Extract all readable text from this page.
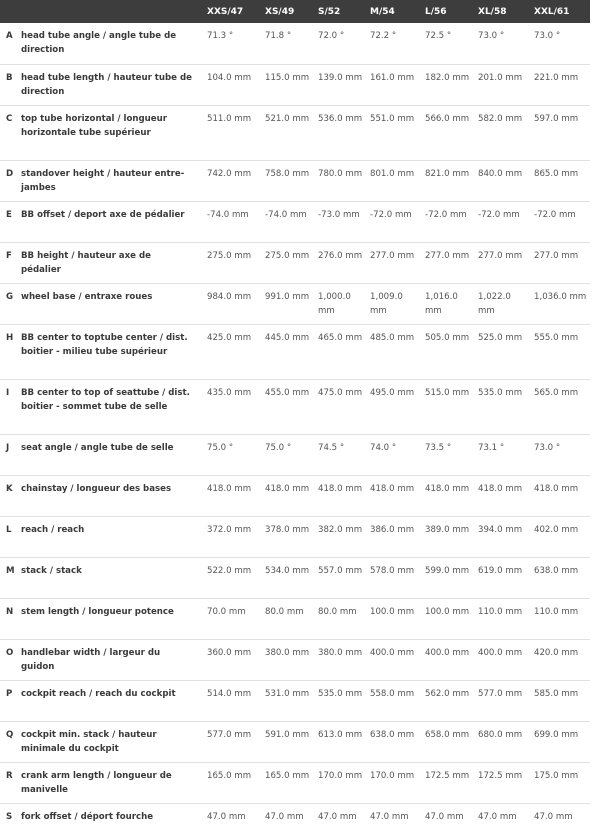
		XXS/47	XS/49	S/52	M/54	L/56	XL/58	XXL/61
A	head tube angle / angle tube de direction	71.3 °	71.8 °	72.0 °	72.2 °	72.5 °	73.0 °	73.0 °
B	head tube length / hauteur tube de direction	104.0 mm	115.0 mm	139.0 mm	161.0 mm	182.0 mm	201.0 mm	221.0 mm
C	top tube horizontal / longueur horizontale tube supérieur	511.0 mm	521.0 mm	536.0 mm	551.0 mm	566.0 mm	582.0 mm	597.0 mm
D	standover height / hauteur entre-jambes	742.0 mm	758.0 mm	780.0 mm	801.0 mm	821.0 mm	840.0 mm	865.0 mm
E	BB offset / deport axe de pédalier	-74.0 mm	-74.0 mm	-73.0 mm	-72.0 mm	-72.0 mm	-72.0 mm	-72.0 mm
F	BB height / hauteur axe de pédalier	275.0 mm	275.0 mm	276.0 mm	277.0 mm	277.0 mm	277.0 mm	277.0 mm
G	wheel base / entraxe roues	984.0 mm	991.0 mm	1,000.0 mm	1,009.0 mm	1,016.0 mm	1,022.0 mm	1,036.0 mm
H	BB center to toptube center / dist. boitier - milieu tube supérieur	425.0 mm	445.0 mm	465.0 mm	485.0 mm	505.0 mm	525.0 mm	555.0 mm
I	BB center to top of seattube / dist. boitier - sommet tube de selle	435.0 mm	455.0 mm	475.0 mm	495.0 mm	515.0 mm	535.0 mm	565.0 mm
J	seat angle / angle tube de selle	75.0 °	75.0 °	74.5 °	74.0 °	73.5 °	73.1 °	73.0 °
K	chainstay / longueur des bases	418.0 mm	418.0 mm	418.0 mm	418.0 mm	418.0 mm	418.0 mm	418.0 mm
L	reach / reach	372.0 mm	378.0 mm	382.0 mm	386.0 mm	389.0 mm	394.0 mm	402.0 mm
M	stack / stack	522.0 mm	534.0 mm	557.0 mm	578.0 mm	599.0 mm	619.0 mm	638.0 mm
N	stem length / longueur potence	70.0 mm	80.0 mm	80.0 mm	100.0 mm	100.0 mm	110.0 mm	110.0 mm
O	handlebar width / largeur du guidon	360.0 mm	380.0 mm	380.0 mm	400.0 mm	400.0 mm	400.0 mm	420.0 mm
P	cockpit reach / reach du cockpit	514.0 mm	531.0 mm	535.0 mm	558.0 mm	562.0 mm	577.0 mm	585.0 mm
Q	cockpit min. stack / hauteur minimale du cockpit	577.0 mm	591.0 mm	613.0 mm	638.0 mm	658.0 mm	680.0 mm	699.0 mm
R	crank arm length / longueur de manivelle	165.0 mm	165.0 mm	170.0 mm	170.0 mm	172.5 mm	172.5 mm	175.0 mm
S	fork offset / déport fourche	47.0 mm	47.0 mm	47.0 mm	47.0 mm	47.0 mm	47.0 mm	47.0 mm
